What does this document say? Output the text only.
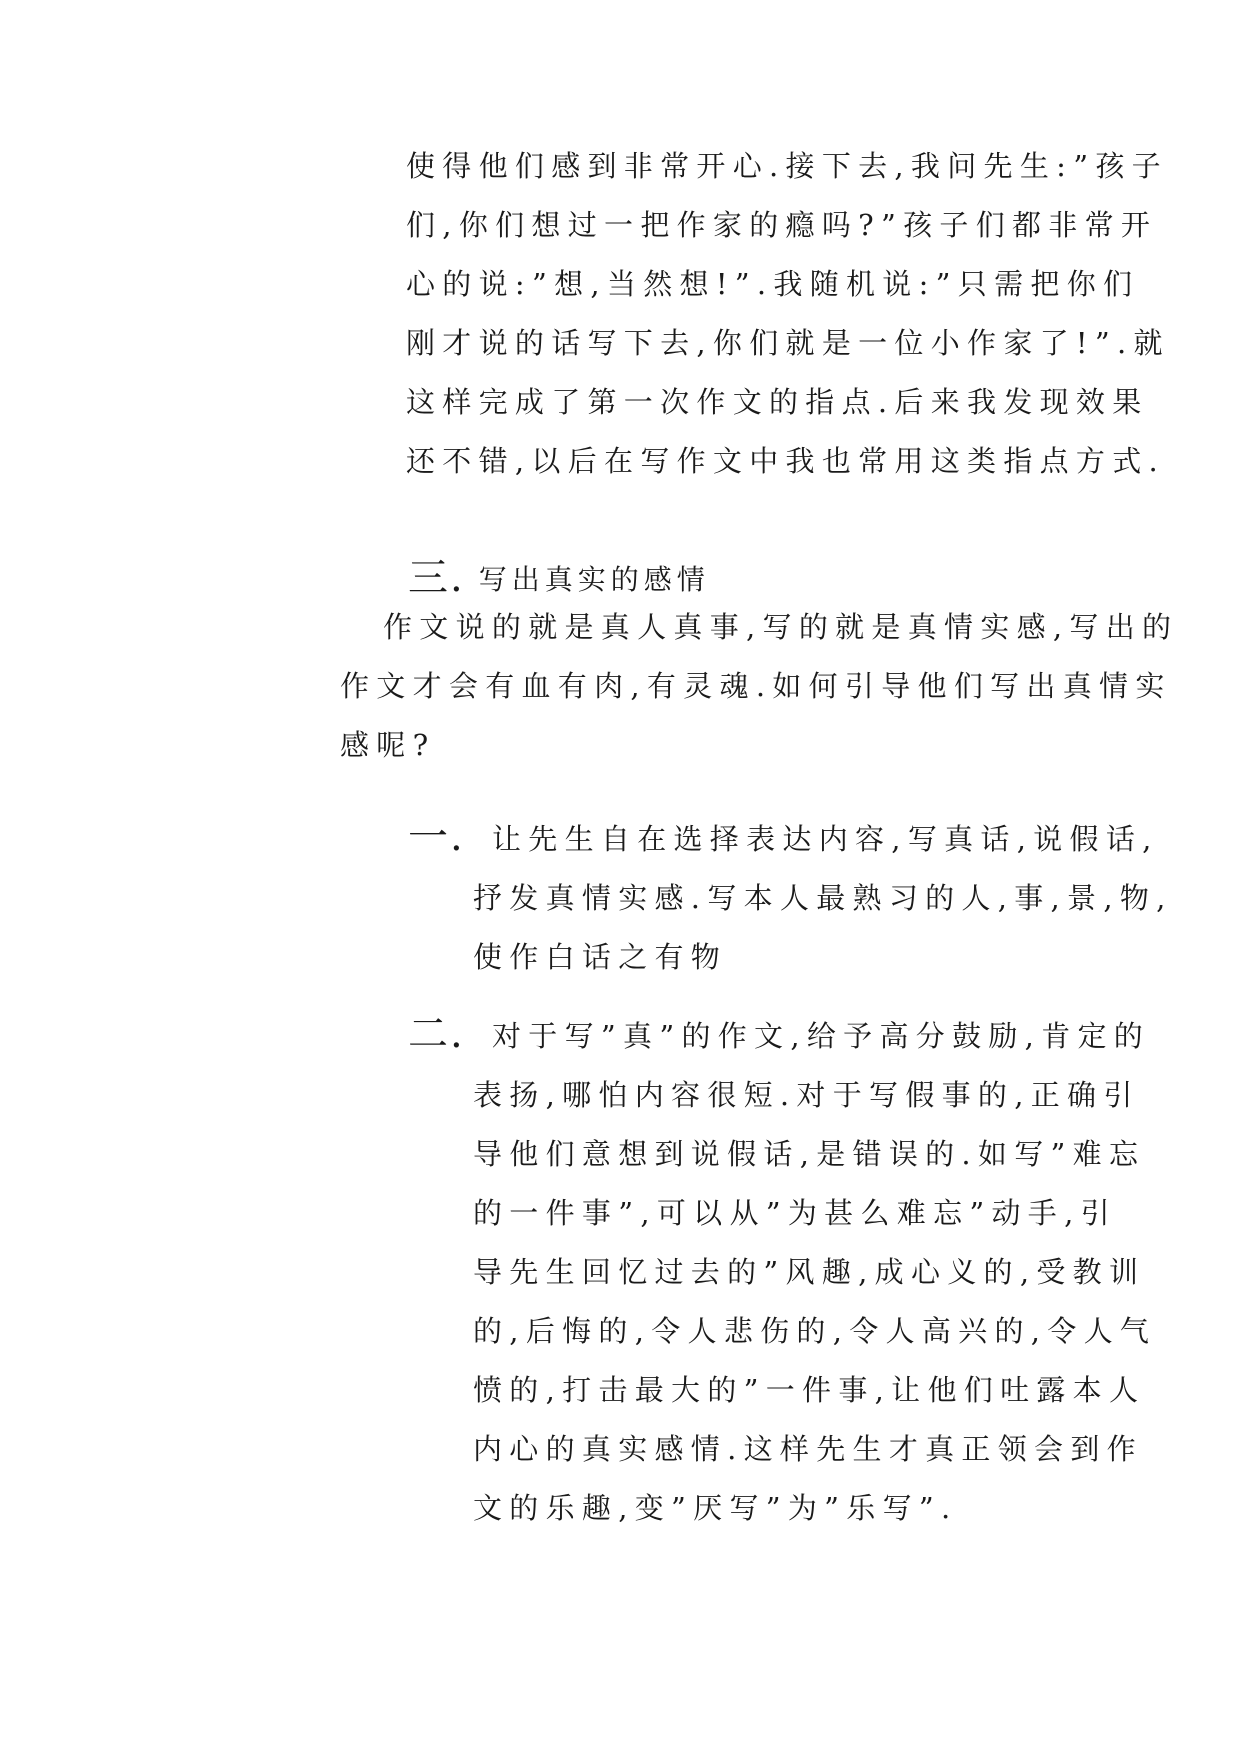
使得他们感到非常开心.接下去,我问先生:”孩子
们,你们想过一把作家的瘾吗?”孩子们都非常开
心的说:”想,当然想!”.我随机说:”只需把你们
刚才说的话写下去,你们就是一位小作家了!”.就
这样完成了第一次作文的指点.后来我发现效果
还不错,以后在写作文中我也常用这类指点方式.
三. 写出真实的感情
作文说的就是真人真事,写的就是真情实感,写出的
作文才会有血有肉,有灵魂.如何引导他们写出真情实
感呢?
一. 让先生自在选择表达内容,写真话,说假话,
抒发真情实感.写本人最熟习的人,事,景,物,
使作白话之有物
二. 对于写”真”的作文,给予高分鼓励,肯定的
表扬,哪怕内容很短.对于写假事的,正确引
导他们意想到说假话,是错误的.如写”难忘
的一件事”,可以从”为甚么难忘”动手,引
导先生回忆过去的”风趣,成心义的,受教训
的,后悔的,令人悲伤的,令人高兴的,令人气
愤的,打击最大的”一件事,让他们吐露本人
内心的真实感情.这样先生才真正领会到作
文的乐趣,变”厌写”为”乐写”.
